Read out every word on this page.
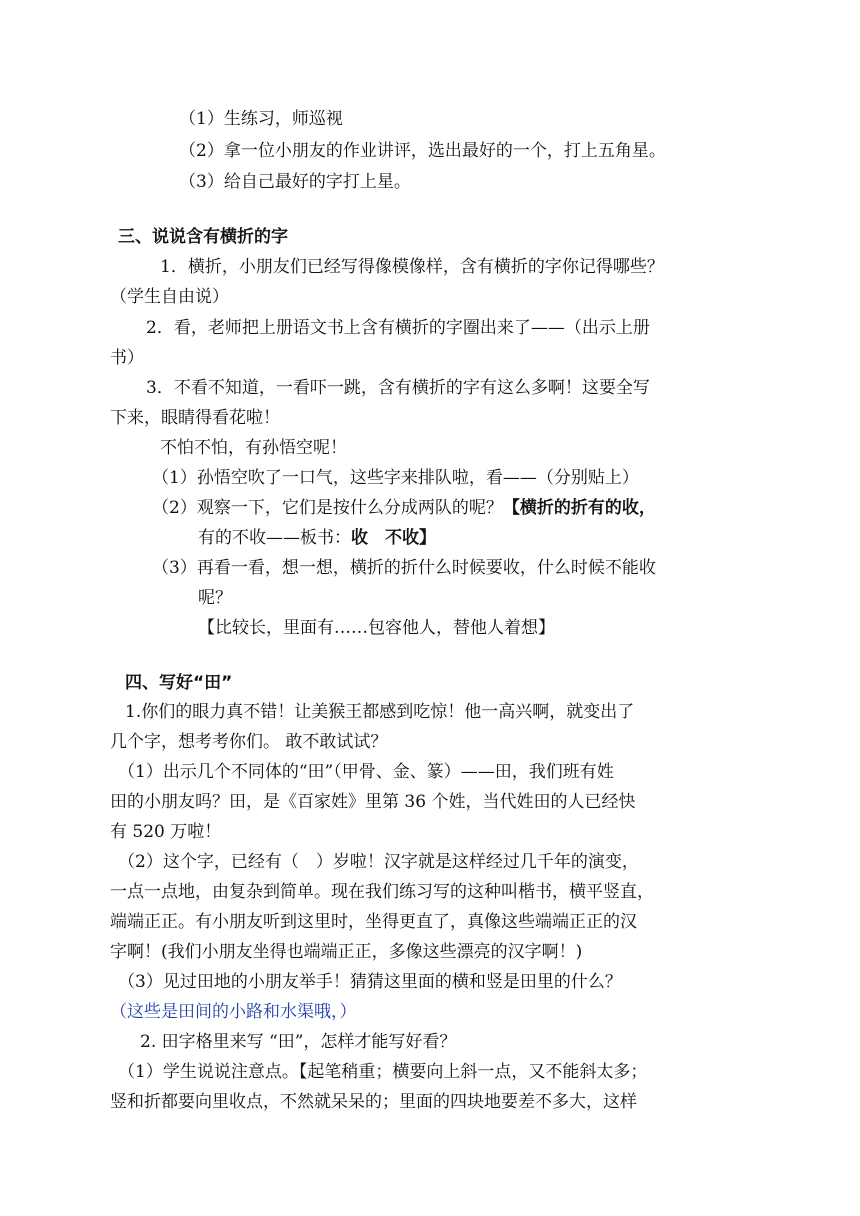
（1）生练习，师巡视
（2）拿一位小朋友的作业讲评，选出最好的一个，打上五角星。
（3）给自己最好的字打上星。
三、说说含有横折的字
1．横折，小朋友们已经写得像模像样，含有横折的字你记得哪些？
（学生自由说）
2．看，老师把上册语文书上含有横折的字圈出来了——（出示上册
书）
3．不看不知道，一看吓一跳，含有横折的字有这么多啊！这要全写
下来，眼睛得看花啦！
不怕不怕，有孙悟空呢！
（1）孙悟空吹了一口气，这些字来排队啦，看——（分别贴上）
（2）观察一下，它们是按什么分成两队的呢？【横折的折有的收，
有的不收——板书：收　不收】
（3）再看一看，想一想，横折的折什么时候要收，什么时候不能收
呢？
【比较长，里面有……包容他人，替他人着想】
四、写好“田”
1.你们的眼力真不错！让美猴王都感到吃惊！他一高兴啊，就变出了
几个字，想考考你们。 敢不敢试试？
（1）出示几个不同体的“田”（甲骨、金、篆）——田，我们班有姓
田的小朋友吗？田，是《百家姓》里第 36 个姓，当代姓田的人已经快
有 520 万啦！
（2）这个字，已经有（　）岁啦！汉字就是这样经过几千年的演变，
一点一点地，由复杂到简单。现在我们练习写的这种叫楷书，横平竖直，
端端正正。有小朋友听到这里时，坐得更直了，真像这些端端正正的汉
字啊！(我们小朋友坐得也端端正正，多像这些漂亮的汉字啊！)
（3）见过田地的小朋友举手！猜猜这里面的横和竖是田里的什么？
（这些是田间的小路和水渠哦，）
2. 田字格里来写 “田”，怎样才能写好看？
（1）学生说说注意点。【起笔稍重；横要向上斜一点，又不能斜太多；
竖和折都要向里收点，不然就呆呆的；里面的四块地要差不多大，这样
